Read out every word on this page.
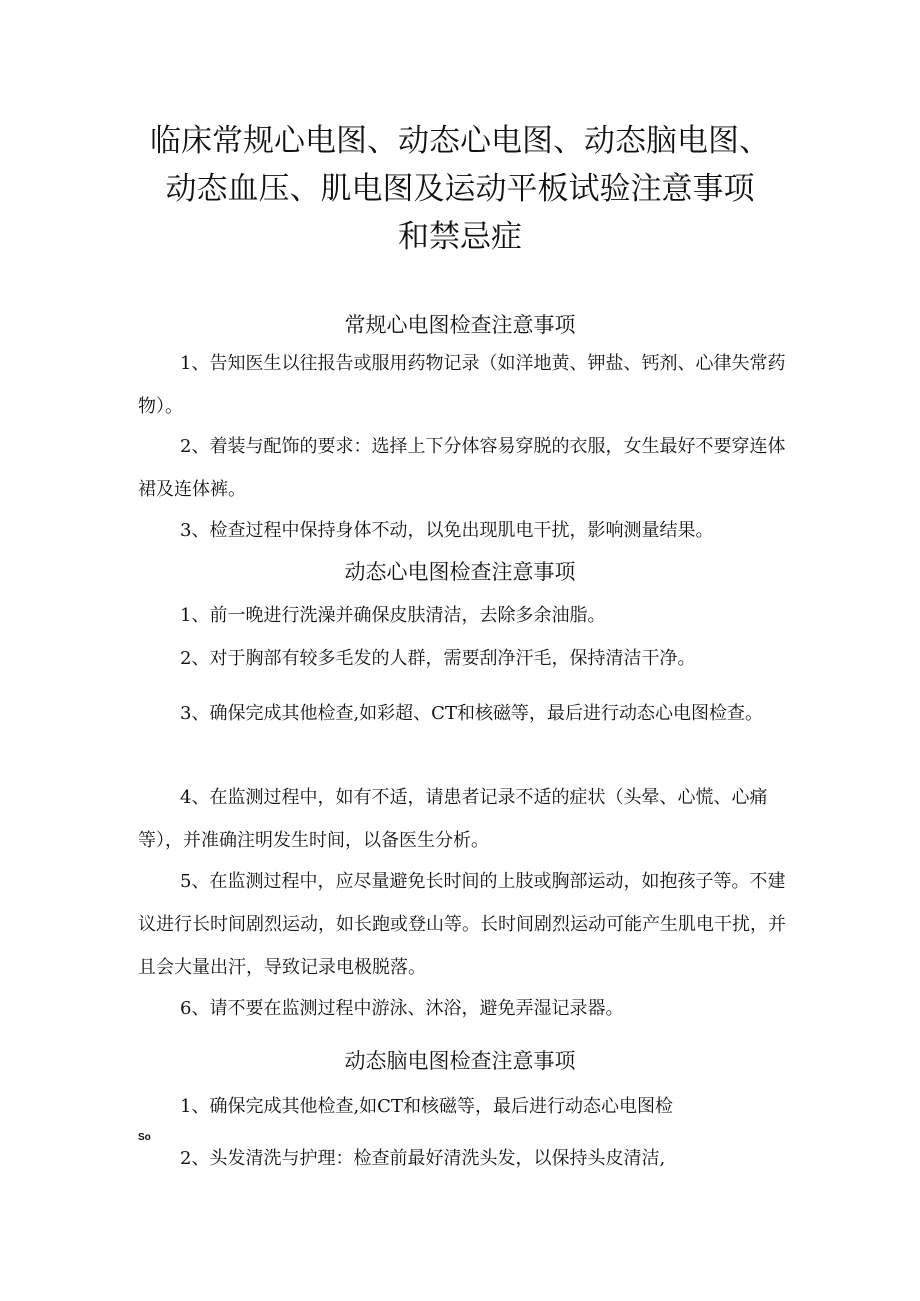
临床常规心电图、动态心电图、动态脑电图、
动态血压、肌电图及运动平板试验注意事项
和禁忌症
常规心电图检查注意事项

1、告知医生以往报告或服用药物记录（如洋地黄、钾盐、钙剂、心律失常药物）。

2、着装与配饰的要求：选择上下分体容易穿脱的衣服，女生最好不要穿连体裙及连体裤。

3、检查过程中保持身体不动，以免出现肌电干扰，影响测量结果。

动态心电图检查注意事项

1、前一晚进行洗澡并确保皮肤清洁，去除多余油脂。

2、对于胸部有较多毛发的人群，需要刮净汗毛，保持清洁干净。

3、确保完成其他检查,如彩超、CT和核磁等，最后进行动态心电图检查。

4、在监测过程中，如有不适，请患者记录不适的症状（头晕、心慌、心痛等），并准确注明发生时间，以备医生分析。

5、在监测过程中，应尽量避免长时间的上肢或胸部运动，如抱孩子等。不建议进行长时间剧烈运动，如长跑或登山等。长时间剧烈运动可能产生肌电干扰，并且会大量出汗，导致记录电极脱落。

6、请不要在监测过程中游泳、沐浴，避免弄湿记录器。

动态脑电图检查注意事项

1、确保完成其他检查,如CT和核磁等，最后进行动态心电图检

So

2、头发清洗与护理：检查前最好清洗头发，以保持头皮清洁,
